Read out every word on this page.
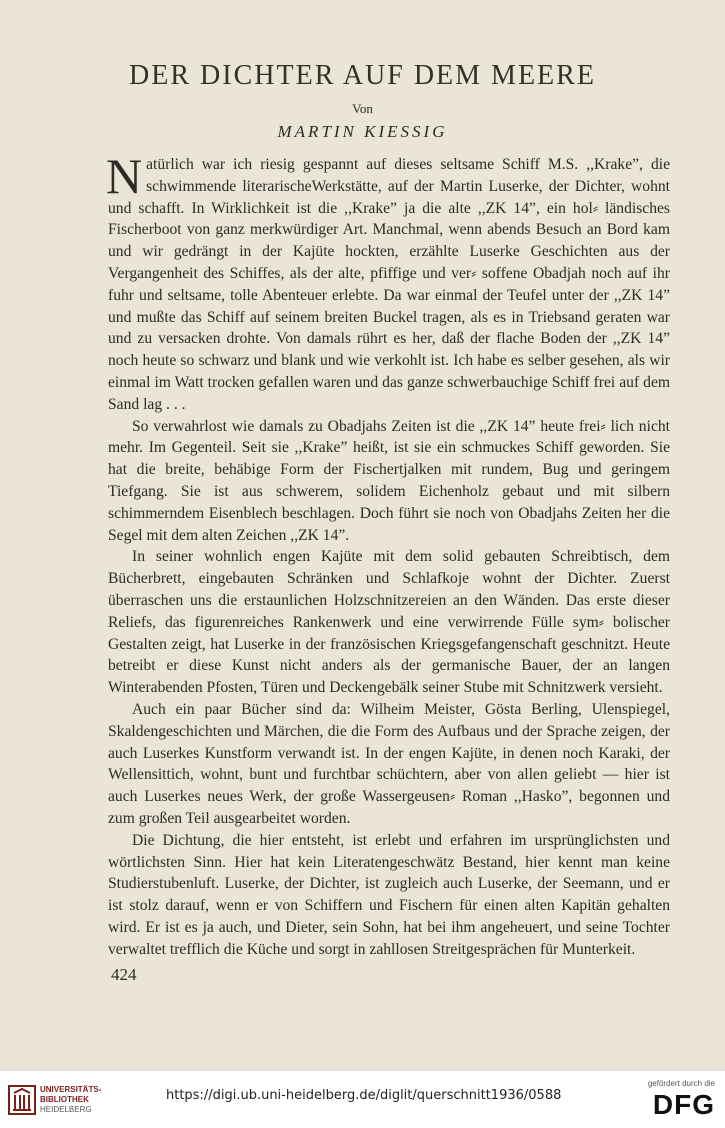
DER DICHTER AUF DEM MEERE
Von
MARTIN KIESSIG

Natürlich war ich riesig gespannt auf dieses seltsame Schiff M.S. ,,Krake”, die schwimmende literarischeWerkstätte, auf der Martin Luserke, der Dichter, wohnt und schafft. In Wirklichkeit ist die ,,Krake” ja die alte ,,ZK 14”, ein hol⸗ ländisches Fischerboot von ganz merkwürdiger Art. Manchmal, wenn abends Besuch an Bord kam und wir gedrängt in der Kajüte hockten, erzählte Luserke Geschichten aus der Vergangenheit des Schiffes, als der alte, pfiffige und ver⸗ soffene Obadjah noch auf ihr fuhr und seltsame, tolle Abenteuer erlebte. Da war einmal der Teufel unter der ,,ZK 14” und mußte das Schiff auf seinem breiten Buckel tragen, als es in Triebsand geraten war und zu versacken drohte. Von damals rührt es her, daß der flache Boden der ,,ZK 14” noch heute so schwarz und blank und wie verkohlt ist. Ich habe es selber gesehen, als wir einmal im Watt trocken gefallen waren und das ganze schwerbauchige Schiff frei auf dem Sand lag . . .

So verwahrlost wie damals zu Obadjahs Zeiten ist die ,,ZK 14” heute frei⸗ lich nicht mehr. Im Gegenteil. Seit sie ,,Krake” heißt, ist sie ein schmuckes Schiff geworden. Sie hat die breite, behäbige Form der Fischertjalken mit rundem, Bug und geringem Tiefgang. Sie ist aus schwerem, solidem Eichenholz gebaut und mit silbern schimmerndem Eisenblech beschlagen. Doch führt sie noch von Obadjahs Zeiten her die Segel mit dem alten Zeichen ,,ZK 14”.

In seiner wohnlich engen Kajüte mit dem solid gebauten Schreibtisch, dem Bücherbrett, eingebauten Schränken und Schlafkoje wohnt der Dichter. Zuerst überraschen uns die erstaunlichen Holzschnitzereien an den Wänden. Das erste dieser Reliefs, das figurenreiches Rankenwerk und eine verwirrende Fülle sym⸗ bolischer Gestalten zeigt, hat Luserke in der französischen Kriegsgefangenschaft geschnitzt. Heute betreibt er diese Kunst nicht anders als der germanische Bauer, der an langen Winterabenden Pfosten, Türen und Deckengebälk seiner Stube mit Schnitzwerk versieht.

Auch ein paar Bücher sind da: Wilheim Meister, Gösta Berling, Ulenspiegel, Skaldengeschichten und Märchen, die die Form des Aufbaus und der Sprache zeigen, der auch Luserkes Kunstform verwandt ist. In der engen Kajüte, in denen noch Karaki, der Wellensittich, wohnt, bunt und furchtbar schüchtern, aber von allen geliebt — hier ist auch Luserkes neues Werk, der große Wassergeusen⸗ Roman ,,Hasko”, begonnen und zum großen Teil ausgearbeitet worden.

Die Dichtung, die hier entsteht, ist erlebt und erfahren im ursprünglichsten und wörtlichsten Sinn. Hier hat kein Literatengeschwätz Bestand, hier kennt man keine Studierstubenluft. Luserke, der Dichter, ist zugleich auch Luserke, der Seemann, und er ist stolz darauf, wenn er von Schiffern und Fischern für einen alten Kapitän gehalten wird. Er ist es ja auch, und Dieter, sein Sohn, hat bei ihm angeheuert, und seine Tochter verwaltet trefflich die Küche und sorgt in zahllosen Streitgesprächen für Munterkeit.

424
UNIVERSITÄTS-
BIBLIOTHEK
HEIDELBERG
https://digi.ub.uni-heidelberg.de/diglit/querschnitt1936/0588
gefördert durch die
DFG
